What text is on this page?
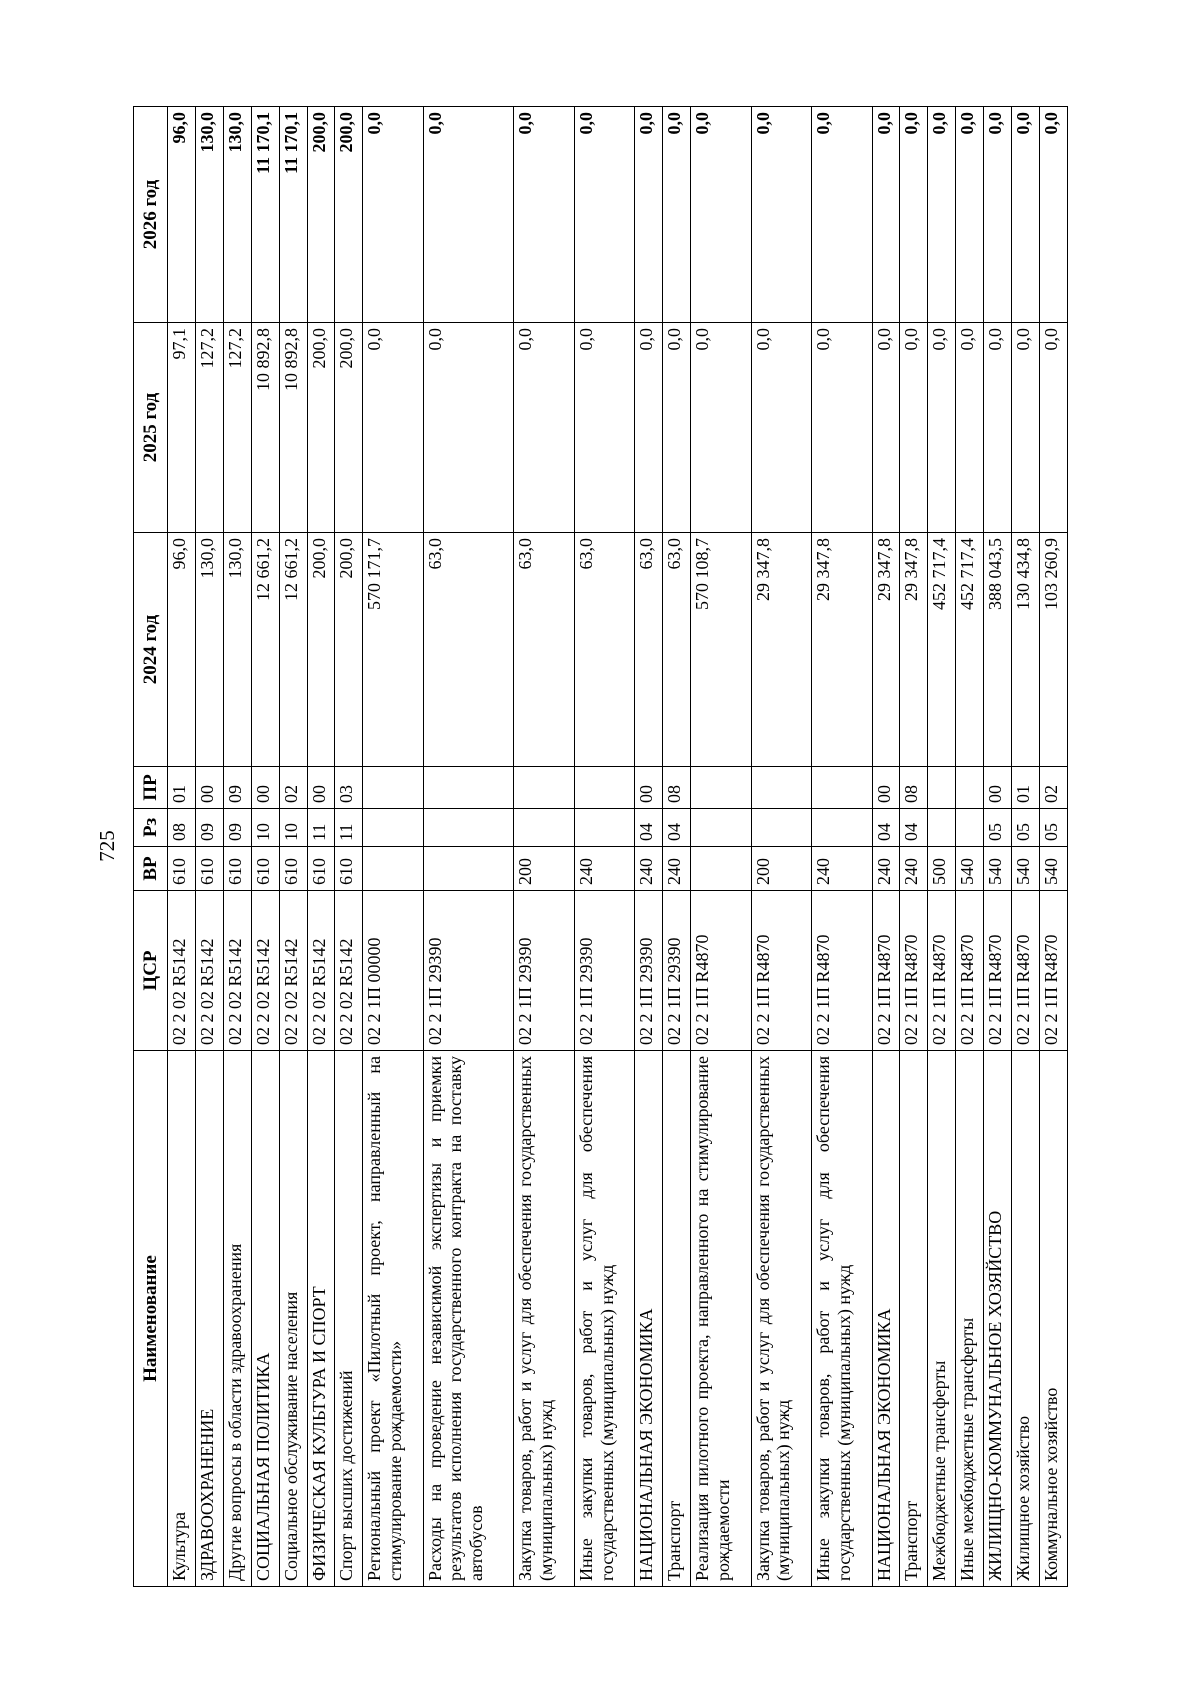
725
Наименование	ЦСР	ВР	Рз	ПР	2024 год	2025 год	2026 год
Культура	02 2 02 R5142	610	08	01	96,0	97,1	96,0
ЗДРАВООХРАНЕНИЕ	02 2 02 R5142	610	09	00	130,0	127,2	130,0
Другие вопросы в области здравоохранения	02 2 02 R5142	610	09	09	130,0	127,2	130,0
СОЦИАЛЬНАЯ ПОЛИТИКА	02 2 02 R5142	610	10	00	12 661,2	10 892,8	11 170,1
Социальное обслуживание населения	02 2 02 R5142	610	10	02	12 661,2	10 892,8	11 170,1
ФИЗИЧЕСКАЯ КУЛЬТУРА И СПОРТ	02 2 02 R5142	610	11	00	200,0	200,0	200,0
Спорт высших достижений	02 2 02 R5142	610	11	03	200,0	200,0	200,0
Региональный проект «Пилотный проект, направленный на стимулирование рождаемости»	02 2 1П 00000				570 171,7	0,0	0,0
Расходы на проведение независимой экспертизы и приемки результатов исполнения государственного контракта на поставку автобусов	02 2 1П 29390				63,0	0,0	0,0
Закупка товаров, работ и услуг для обеспечения государственных (муниципальных) нужд	02 2 1П 29390	200			63,0	0,0	0,0
Иные закупки товаров, работ и услуг для обеспечения государственных (муниципальных) нужд	02 2 1П 29390	240			63,0	0,0	0,0
НАЦИОНАЛЬНАЯ ЭКОНОМИКА	02 2 1П 29390	240	04	00	63,0	0,0	0,0
Транспорт	02 2 1П 29390	240	04	08	63,0	0,0	0,0
Реализация пилотного проекта, направленного на стимулирование рождаемости	02 2 1П R4870				570 108,7	0,0	0,0
Закупка товаров, работ и услуг для обеспечения государственных (муниципальных) нужд	02 2 1П R4870	200			29 347,8	0,0	0,0
Иные закупки товаров, работ и услуг для обеспечения государственных (муниципальных) нужд	02 2 1П R4870	240			29 347,8	0,0	0,0
НАЦИОНАЛЬНАЯ ЭКОНОМИКА	02 2 1П R4870	240	04	00	29 347,8	0,0	0,0
Транспорт	02 2 1П R4870	240	04	08	29 347,8	0,0	0,0
Межбюджетные трансферты	02 2 1П R4870	500			452 717,4	0,0	0,0
Иные межбюджетные трансферты	02 2 1П R4870	540			452 717,4	0,0	0,0
ЖИЛИЩНО-КОММУНАЛЬНОЕ ХОЗЯЙСТВО	02 2 1П R4870	540	05	00	388 043,5	0,0	0,0
Жилищное хозяйство	02 2 1П R4870	540	05	01	130 434,8	0,0	0,0
Коммунальное хозяйство	02 2 1П R4870	540	05	02	103 260,9	0,0	0,0
